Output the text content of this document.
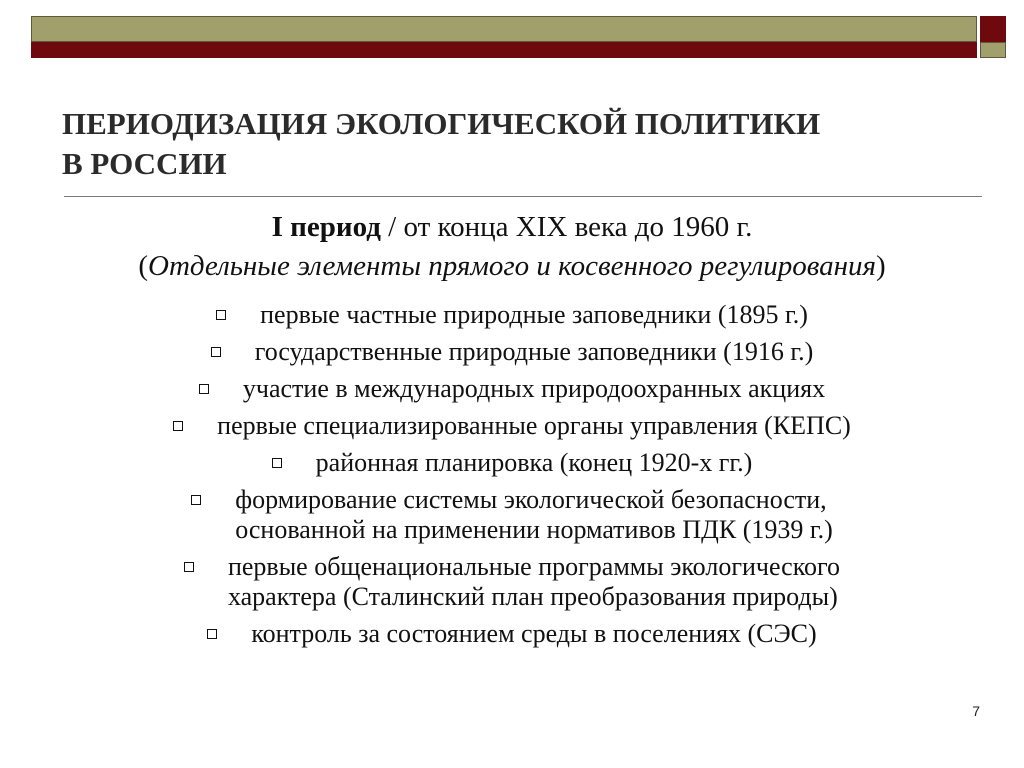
ПЕРИОДИЗАЦИЯ ЭКОЛОГИЧЕСКОЙ ПОЛИТИКИ
В РОССИИ
I период / от конца XIX века до 1960 г.
(Отдельные элементы прямого и косвенного регулирования)
первые частные природные заповедники (1895 г.)
государственные природные заповедники (1916 г.)
участие в международных природоохранных акциях
первые специализированные органы управления (КЕПС)
районная планировка (конец 1920-х гг.)
формирование системы экологической безопасности,
основанной на применении нормативов ПДК (1939 г.)
первые общенациональные программы экологического
характера (Сталинский план преобразования природы)
контроль за состоянием среды в поселениях (СЭС)
7
